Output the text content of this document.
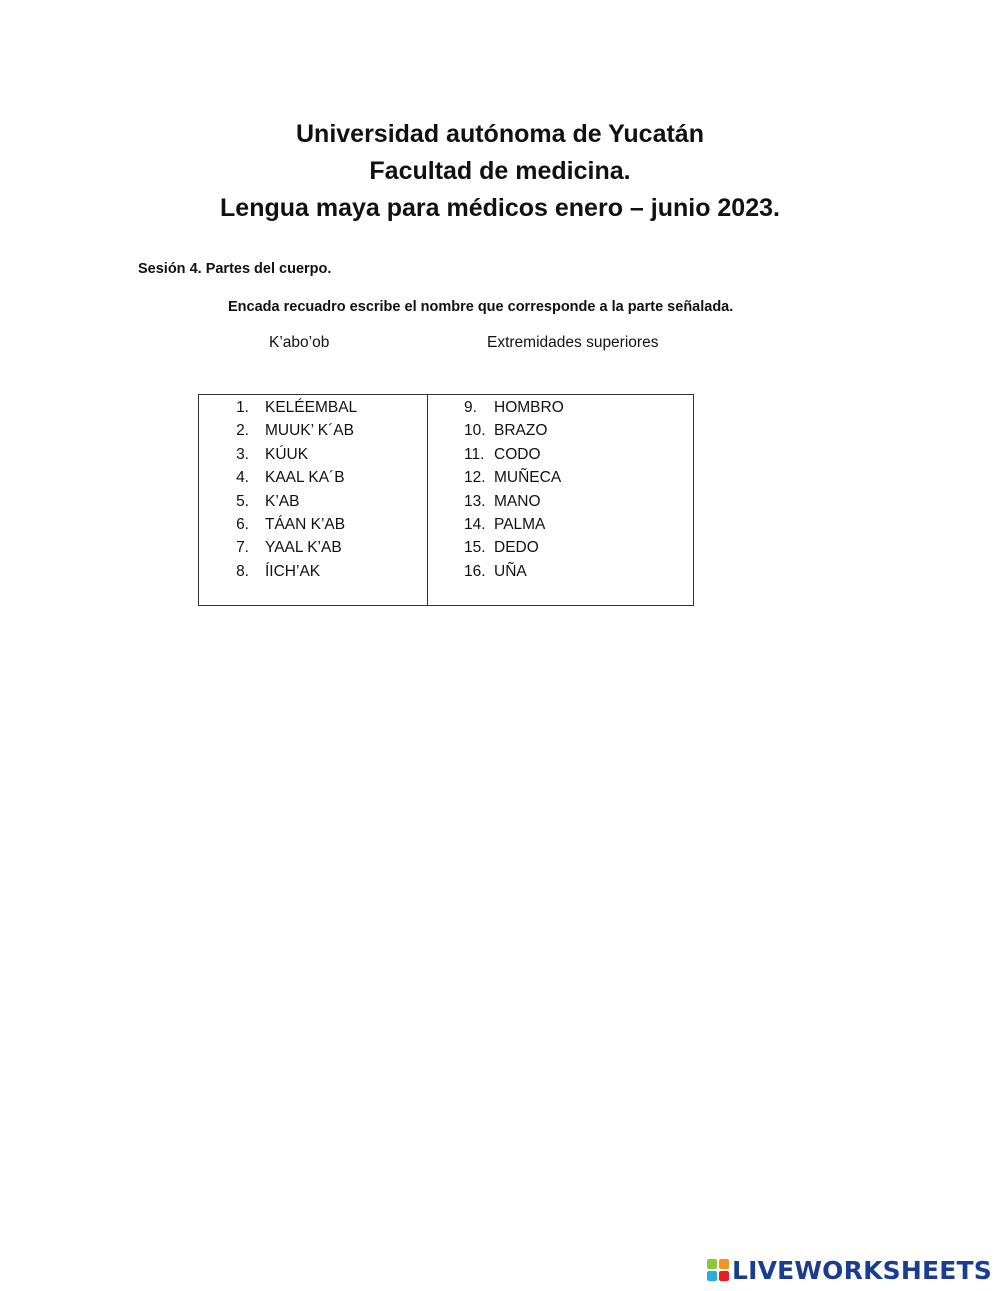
Universidad autónoma de Yucatán
Facultad de medicina.
Lengua maya para médicos enero – junio 2023.
Sesión 4. Partes del cuerpo.
Encada recuadro escribe el nombre que corresponde a la parte señalada.
K’abo’ob	Extremidades superiores
1.	KELÉEMBAL
2.	MUUK’ K´AB
3.	KÚUK
4.	KAAL KA´B
5.	K’AB
6.	TÁAN K’AB
7.	YAAL K’AB
8.	ÍICH’AK
9.	HOMBRO
10. BRAZO
11. CODO
12. MUÑECA
13. MANO
14. PALMA
15. DEDO
16. UÑA
LIVEWORKSHEETS
